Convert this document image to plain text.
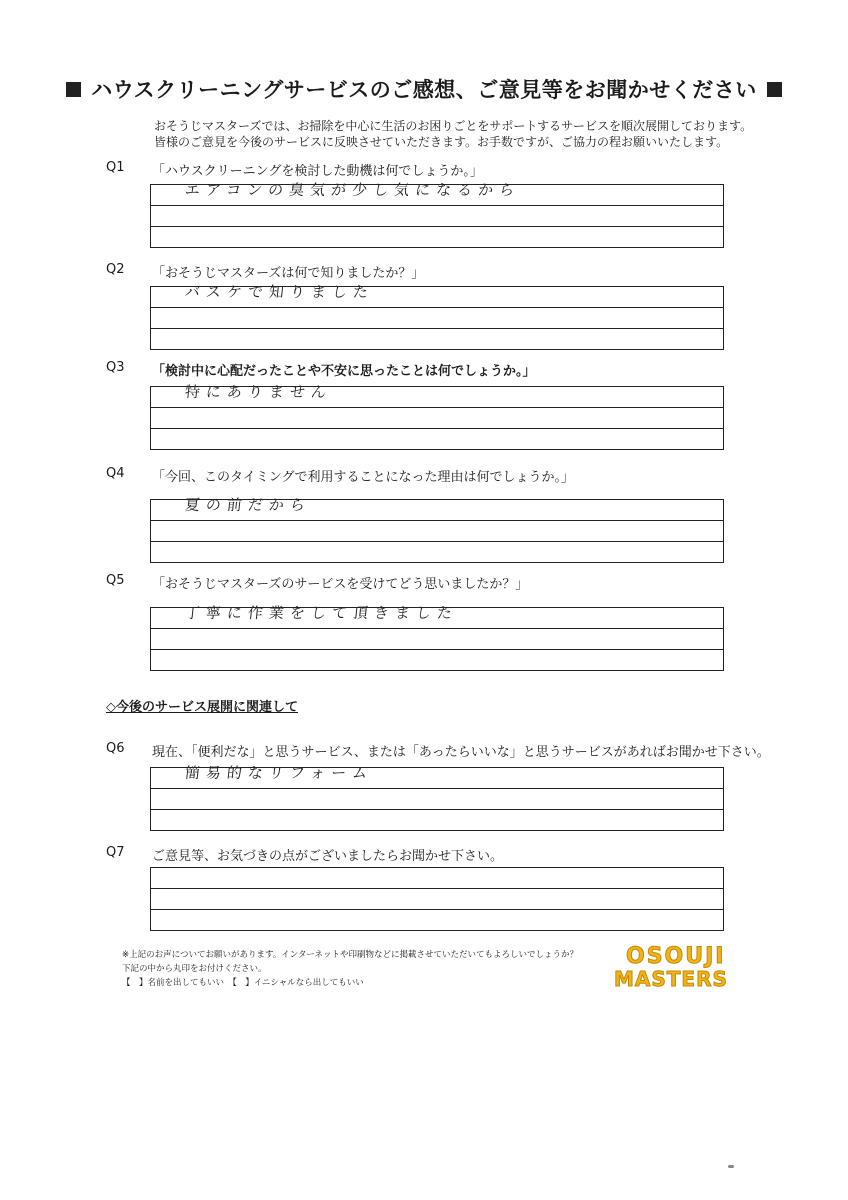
ハウスクリーニングサービスのご感想、ご意見等をお聞かせください
おそうじマスターズでは、お掃除を中心に生活のお困りごとをサポートするサービスを順次展開しております。
皆様のご意見を今後のサービスに反映させていただきます。お手数ですが、ご協力の程お願いいたします。
Q1 「ハウスクリーニングを検討した動機は何でしょうか。」
エアコンの臭気が少し気になるから
Q2 「おそうじマスターズは何で知りましたか？」
バスケで知りました
Q3 「検討中に心配だったことや不安に思ったことは何でしょうか。」
特にありません
Q4 「今回、このタイミングで利用することになった理由は何でしょうか。」
夏の前だから
Q5 「おそうじマスターズのサービスを受けてどう思いましたか？」
丁寧に作業をして頂きました
◇今後のサービス展開に関連して
Q6 現在、「便利だな」と思うサービス、または「あったらいいな」と思うサービスがあればお聞かせ下さい。
簡易的なリフォーム
Q7 ご意見等、お気づきの点がございましたらお聞かせ下さい。
※上記のお声についてお願いがあります。インターネットや印刷物などに掲載させていただいてもよろしいでしょうか？
下記の中から丸印をお付けください。
【　】名前を出してもいい　【　】イニシャルなら出してもいい
OSOUJI
MASTERS
